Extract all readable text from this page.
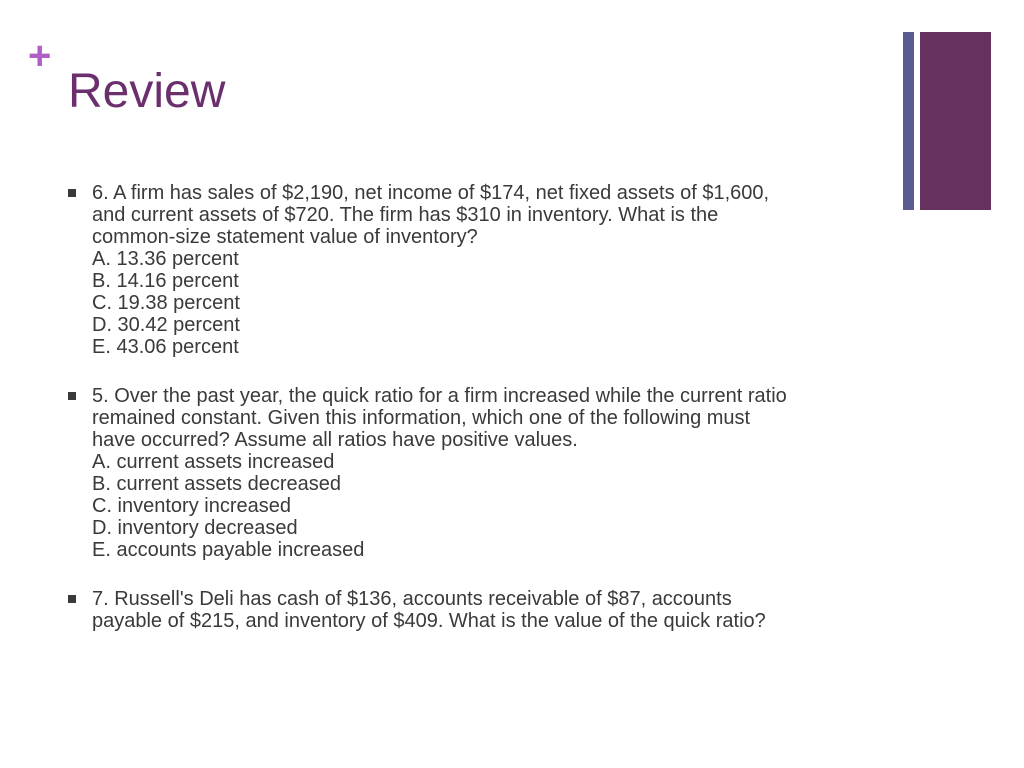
+
Review
6. A firm has sales of $2,190, net income of $174, net fixed assets of $1,600,
and current assets of $720. The firm has $310 in inventory. What is the
common-size statement value of inventory?
A. 13.36 percent
B. 14.16 percent
C. 19.38 percent
D. 30.42 percent
E. 43.06 percent
5. Over the past year, the quick ratio for a firm increased while the current ratio
remained constant. Given this information, which one of the following must
have occurred? Assume all ratios have positive values.
A. current assets increased
B. current assets decreased
C. inventory increased
D. inventory decreased
E. accounts payable increased
7. Russell's Deli has cash of $136, accounts receivable of $87, accounts
payable of $215, and inventory of $409. What is the value of the quick ratio?
